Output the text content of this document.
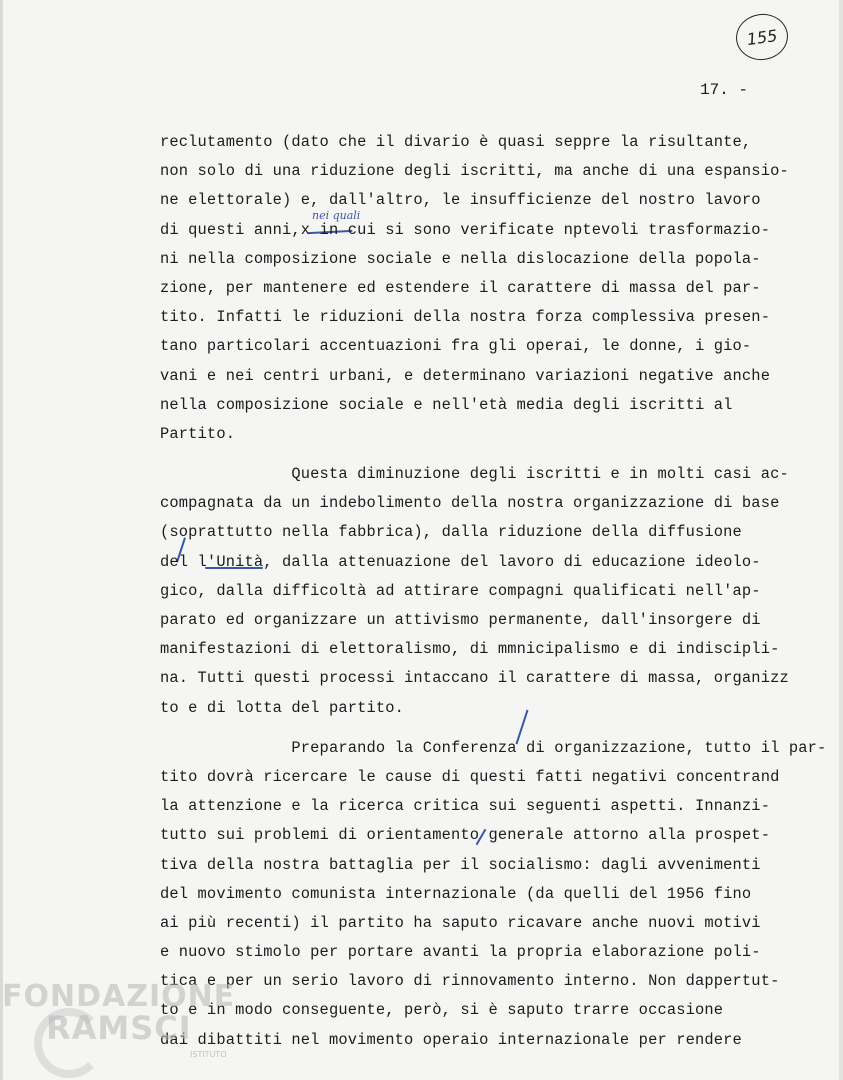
155
17. -
nei quali
reclutamento (dato che il divario è quasi seppre la risultante,
non solo di una riduzione degli iscritti, ma anche di una espansio-
ne elettorale) e, dall'altro, le insufficienze del nostro lavoro
di questi anni,x in cui si sono verificate nptevoli trasformazio-
ni nella composizione sociale e nella dislocazione della popola-
zione, per mantenere ed estendere il carattere di massa del par-
tito. Infatti le riduzioni della nostra forza complessiva presen-
tano particolari accentuazioni fra gli operai, le donne, i gio-
vani e nei centri urbani, e determinano variazioni negative anche
nella composizione sociale e nell'età media degli iscritti al
Partito.
Questa diminuzione degli iscritti e in molti casi ac-
compagnata da un indebolimento della nostra organizzazione di base
(soprattutto nella fabbrica), dalla riduzione della diffusione
del l'Unità, dalla attenuazione del lavoro di educazione ideolo-
gico, dalla difficoltà ad attirare compagni qualificati nell'ap-
parato ed organizzare un attivismo permanente, dall'insorgere di
manifestazioni di elettoralismo, di mmnicipalismo e di indiscipli-
na. Tutti questi processi intaccano il carattere di massa, organizz
to e di lotta del partito.
Preparando la Conferenza di organizzazione, tutto il par-
tito dovrà ricercare le cause di questi fatti negativi concentrand
la attenzione e la ricerca critica sui seguenti aspetti. Innanzi-
tutto sui problemi di orientamento generale attorno alla prospet-
tiva della nostra battaglia per il socialismo: dagli avvenimenti
del movimento comunista internazionale (da quelli del 1956 fino
ai più recenti) il partito ha saputo ricavare anche nuovi motivi
e nuovo stimolo per portare avanti la propria elaborazione poli-
tica e per un serio lavoro di rinnovamento interno. Non dappertut-
to e in modo conseguente, però, si è saputo trarre occasione
dai dibattiti nel movimento operaio internazionale per rendere
FONDAZIONE
RAMSCI
ISTITUTO
